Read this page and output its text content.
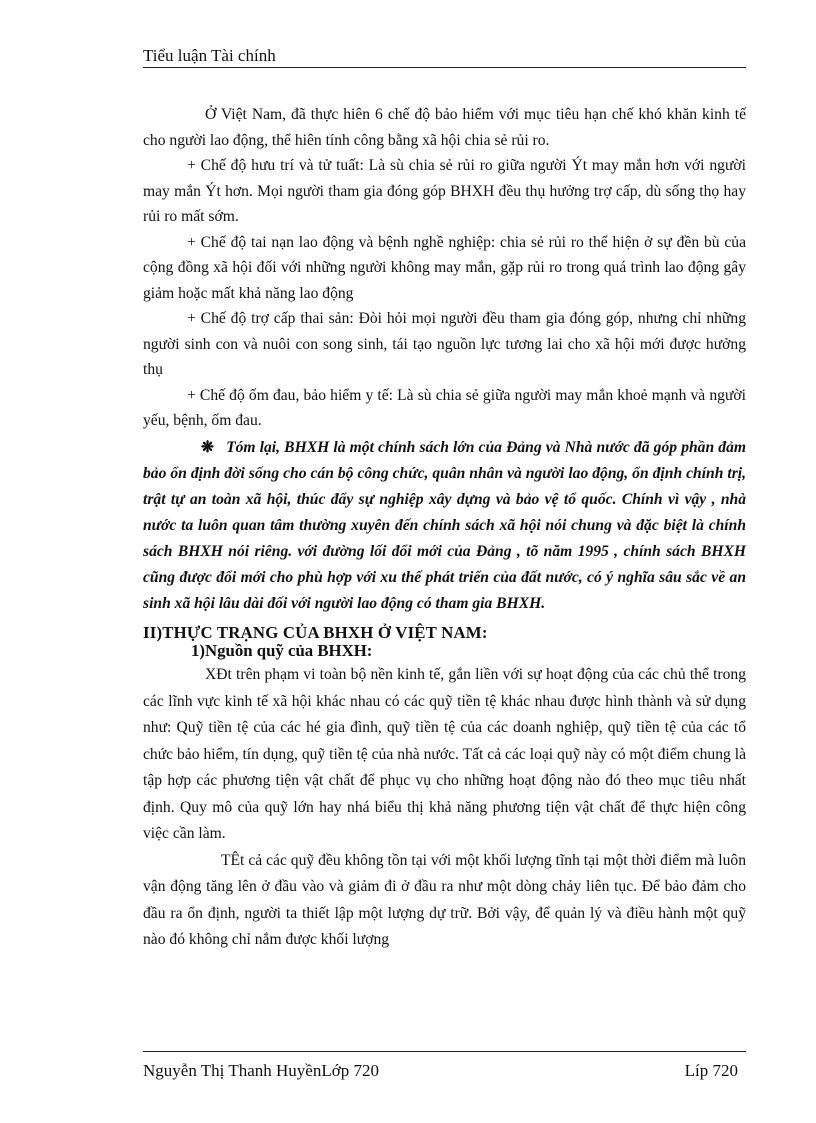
Tiểu luận Tài chính

Ở Việt Nam, đã thực hiên 6 chế độ bảo hiểm với mục tiêu hạn chế khó khăn kinh tế cho người lao động, thể hiên tính công bằng xã hội chia sẻ rủi ro.

+ Chế độ hưu trí và tử tuất: Là sù chia sẻ rủi ro giữa người Ýt may mắn hơn với người may mắn Ýt hơn. Mọi người tham gia đóng góp BHXH đều thụ hưởng trợ cấp, dù sống thọ hay rủi ro mất sớm.

+ Chế độ tai nạn lao động và bệnh nghề nghiệp: chia sẻ rủi ro thể hiện ở sự đền bù của cộng đồng xã hội đối với những người không may mắn, gặp rủi ro trong quá trình lao động gây giảm hoặc mất khả năng lao động

+ Chế độ trợ cấp thai sản: Đòi hỏi mọi người đều tham gia đóng góp, nhưng chỉ những người sinh con và nuôi con song sinh, tái tạo nguồn lực tương lai cho xã hội mới được hưởng thụ

+ Chế độ ốm đau, bảo hiểm y tế: Là sù chia sẻ giữa người may mắn khoẻ mạnh và người yếu, bệnh, ốm đau.

❋ Tóm lại, BHXH là một chính sách lớn của Đảng và Nhà nước đã góp phần đảm bảo ổn định đời sống cho cán bộ công chức, quân nhân và người lao động, ổn định chính trị, trật tự an toàn xã hội, thúc đẩy sự nghiệp xây dựng và bảo vệ tổ quốc. Chính vì vậy , nhà nước ta luôn quan tâm thường xuyên đến chính sách xã hội nói chung và đặc biệt là chính sách BHXH nói riêng. với đường lối đổi mới của Đảng , tõ năm 1995 , chính sách BHXH cũng được đổi mới cho phù hợp với xu thế phát triển của đất nước, có ý nghĩa sâu sắc về an sinh xã hội lâu dài đối với người lao động có tham gia BHXH.

II)THỰC TRẠNG CỦA BHXH Ở VIỆT NAM:
1)Nguồn quỹ của BHXH:

XÐt trên phạm vi toàn bộ nền kinh tế, gắn liền với sự hoạt động của các chủ thể trong các lĩnh vực kinh tế xã hội khác nhau có các quỹ tiền tệ khác nhau được hình thành và sử dụng như: Quỹ tiền tệ của các hé gia đình, quỹ tiền tệ của các doanh nghiệp, quỹ tiền tệ của các tổ chức bảo hiểm, tín dụng, quỹ tiền tệ của nhà nước. Tất cả các loại quỹ này có một điểm chung là tập hợp các phương tiện vật chất để phục vụ cho những hoạt động nào đó theo mục tiêu nhất định. Quy mô của quỹ lớn hay nhá biểu thị khả năng phương tiện vật chất để thực hiện công việc cần làm.

TÊt cả các quỹ đều không tồn tại với một khối lượng tĩnh tại một thời điểm mà luôn vận động tăng lên ở đầu vào và giảm đi ở đầu ra như một dòng chảy liên tục. Để bảo đảm cho đầu ra ổn định, người ta thiết lập một lượng dự trữ. Bởi vậy, để quản lý và điều hành một quỹ nào đó không chỉ nắm được khối lượng

Nguyễn Thị Thanh HuyềnLớp 720	Líp 720
